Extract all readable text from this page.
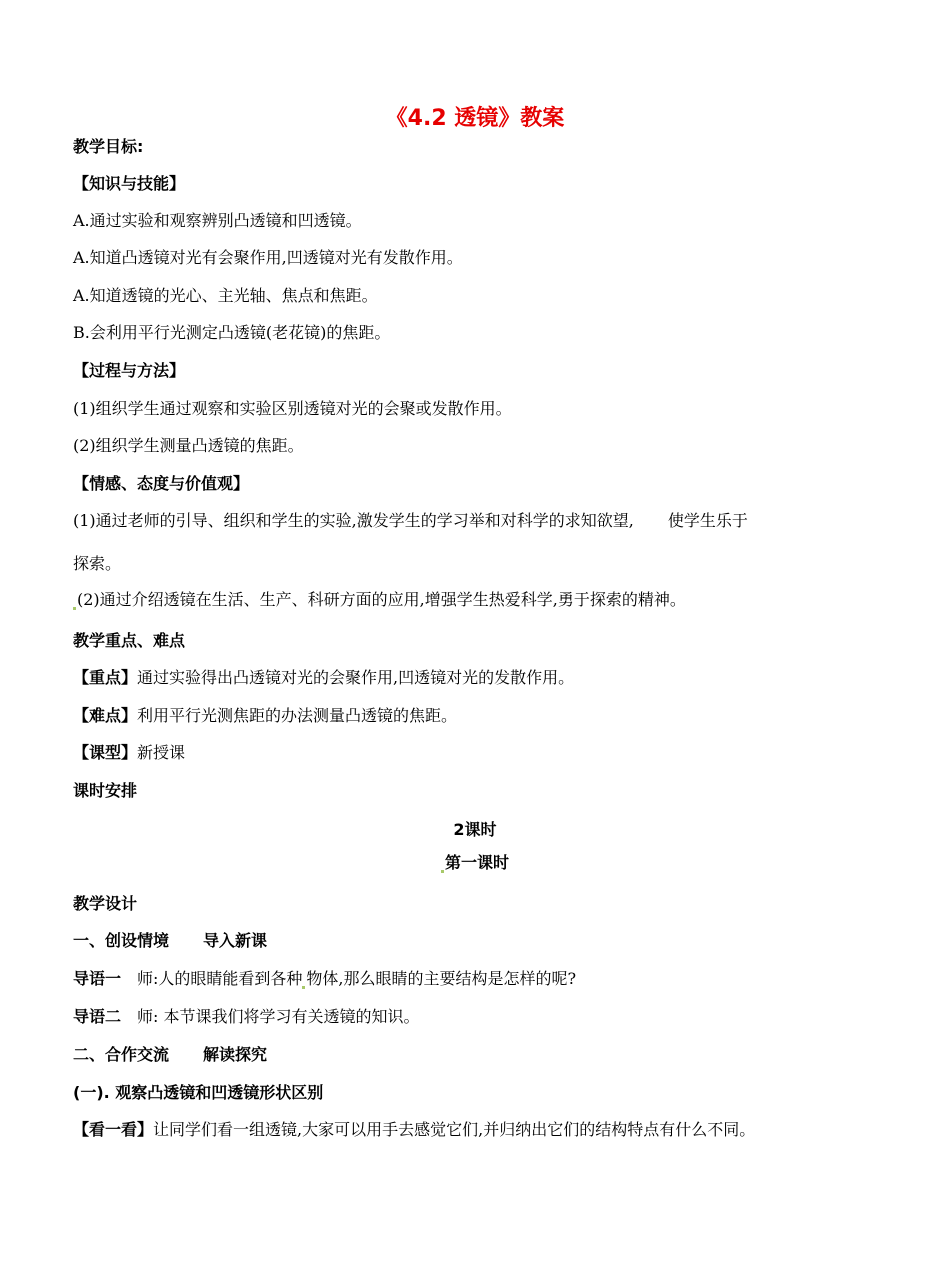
《4.2 透镜》教案
教学目标:
【知识与技能】
A.通过实验和观察辨别凸透镜和凹透镜。
A.知道凸透镜对光有会聚作用,凹透镜对光有发散作用。
A.知道透镜的光心、主光轴、焦点和焦距。
B.会利用平行光测定凸透镜(老花镜)的焦距。
【过程与方法】
(1)组织学生通过观察和实验区别透镜对光的会聚或发散作用。
(2)组织学生测量凸透镜的焦距。
【情感、态度与价值观】
(1)通过老师的引导、组织和学生的实验,激发学生的学习举和对科学的求知欲望, 使学生乐于
探索。
(2)通过介绍透镜在生活、生产、科研方面的应用,增强学生热爱科学,勇于探索的精神。
教学重点、难点
【重点】通过实验得出凸透镜对光的会聚作用,凹透镜对光的发散作用。
【难点】利用平行光测焦距的办法测量凸透镜的焦距。
【课型】新授课
课时安排
2课时
第一课时
教学设计
一、创设情境 导入新课
导语一 师:人的眼睛能看到各种 物体,那么眼睛的主要结构是怎样的呢?
导语二 师: 本节课我们将学习有关透镜的知识。
二、合作交流 解读探究
(一). 观察凸透镜和凹透镜形状区别
【看一看】让同学们看一组透镜,大家可以用手去感觉它们,并归纳出它们的结构特点有什么不同。
